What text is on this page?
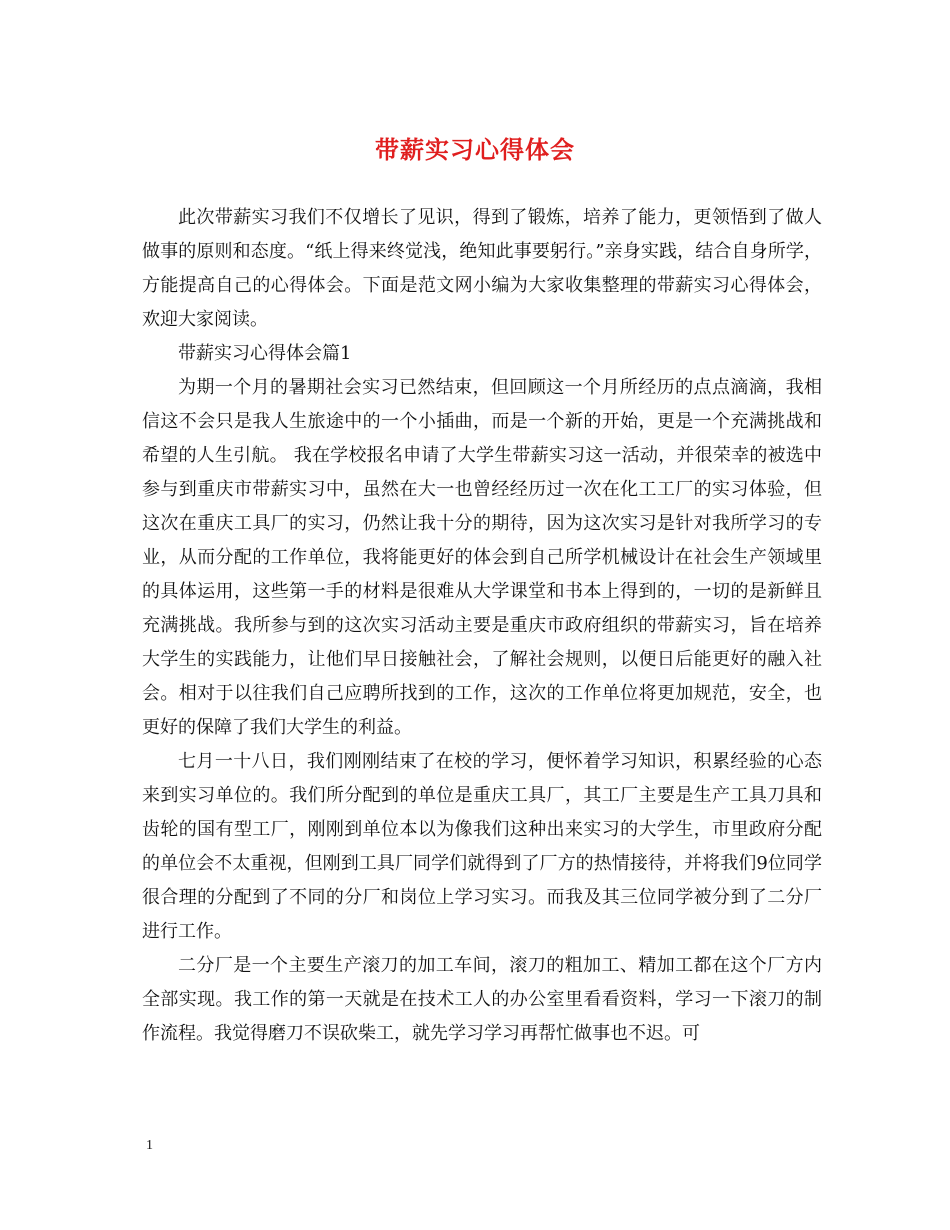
带薪实习心得体会

此次带薪实习我们不仅增长了见识，得到了锻炼，培养了能力，更领悟到了做人做事的原则和态度。“纸上得来终觉浅，绝知此事要躬行。”亲身实践，结合自身所学，方能提高自己的心得体会。下面是范文网小编为大家收集整理的带薪实习心得体会，欢迎大家阅读。

带薪实习心得体会篇1

为期一个月的暑期社会实习已然结束，但回顾这一个月所经历的点点滴滴，我相信这不会只是我人生旅途中的一个小插曲，而是一个新的开始，更是一个充满挑战和希望的人生引航。 我在学校报名申请了大学生带薪实习这一活动，并很荣幸的被选中参与到重庆市带薪实习中，虽然在大一也曾经经历过一次在化工工厂的实习体验，但这次在重庆工具厂的实习，仍然让我十分的期待，因为这次实习是针对我所学习的专业，从而分配的工作单位，我将能更好的体会到自己所学机械设计在社会生产领域里的具体运用，这些第一手的材料是很难从大学课堂和书本上得到的，一切的是新鲜且充满挑战。我所参与到的这次实习活动主要是重庆市政府组织的带薪实习，旨在培养大学生的实践能力，让他们早日接触社会，了解社会规则，以便日后能更好的融入社会。相对于以往我们自己应聘所找到的工作，这次的工作单位将更加规范，安全，也更好的保障了我们大学生的利益。

七月一十八日，我们刚刚结束了在校的学习，便怀着学习知识，积累经验的心态来到实习单位的。我们所分配到的单位是重庆工具厂，其工厂主要是生产工具刀具和齿轮的国有型工厂，刚刚到单位本以为像我们这种出来实习的大学生，市里政府分配的单位会不太重视，但刚到工具厂同学们就得到了厂方的热情接待，并将我们9位同学很合理的分配到了不同的分厂和岗位上学习实习。而我及其三位同学被分到了二分厂进行工作。

二分厂是一个主要生产滚刀的加工车间，滚刀的粗加工、精加工都在这个厂方内全部实现。我工作的第一天就是在技术工人的办公室里看看资料，学习一下滚刀的制作流程。我觉得磨刀不误砍柴工，就先学习学习再帮忙做事也不迟。可

1
